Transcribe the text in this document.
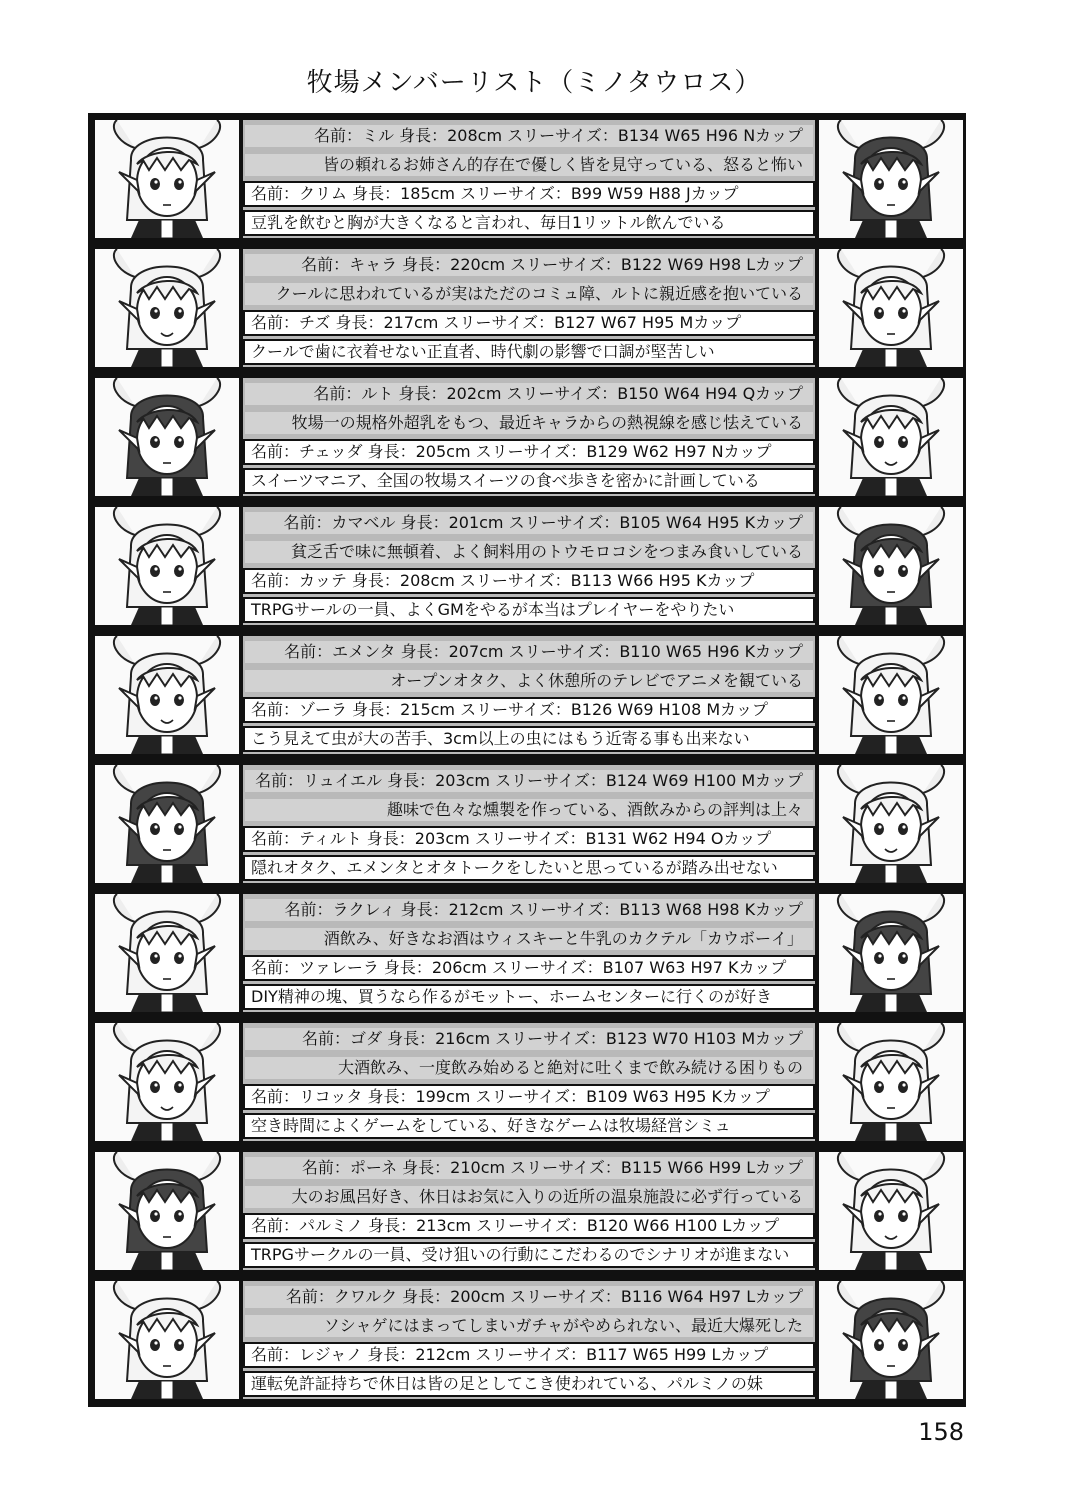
牧場メンバーリスト（ミノタウロス）
名前：ミル 身長：208cm スリーサイズ：B134 W65 H96 Nカップ
皆の頼れるお姉さん的存在で優しく皆を見守っている、怒ると怖い
名前：クリム 身長：185cm スリーサイズ：B99 W59 H88 Jカップ
豆乳を飲むと胸が大きくなると言われ、毎日1リットル飲んでいる
名前：キャラ 身長：220cm スリーサイズ：B122 W69 H98 Lカップ
クールに思われているが実はただのコミュ障、ルトに親近感を抱いている
名前：チズ 身長：217cm スリーサイズ：B127 W67 H95 Mカップ
クールで歯に衣着せない正直者、時代劇の影響で口調が堅苦しい
名前：ルト 身長：202cm スリーサイズ：B150 W64 H94 Qカップ
牧場一の規格外超乳をもつ、最近キャラからの熱視線を感じ怯えている
名前：チェッダ 身長：205cm スリーサイズ：B129 W62 H97 Nカップ
スイーツマニア、全国の牧場スイーツの食べ歩きを密かに計画している
名前：カマベル 身長：201cm スリーサイズ：B105 W64 H95 Kカップ
貧乏舌で味に無頓着、よく飼料用のトウモロコシをつまみ食いしている
名前：カッテ 身長：208cm スリーサイズ：B113 W66 H95 Kカップ
TRPGサールの一員、よくGMをやるが本当はプレイヤーをやりたい
名前：エメンタ 身長：207cm スリーサイズ：B110 W65 H96 Kカップ
オープンオタク、よく休憩所のテレビでアニメを観ている
名前：ゾーラ 身長：215cm スリーサイズ：B126 W69 H108 Mカップ
こう見えて虫が大の苦手、3cm以上の虫にはもう近寄る事も出来ない
名前：リュイエル 身長：203cm スリーサイズ：B124 W69 H100 Mカップ
趣味で色々な燻製を作っている、酒飲みからの評判は上々
名前：ティルト 身長：203cm スリーサイズ：B131 W62 H94 Oカップ
隠れオタク、エメンタとオタトークをしたいと思っているが踏み出せない
名前：ラクレィ 身長：212cm スリーサイズ：B113 W68 H98 Kカップ
酒飲み、好きなお酒はウィスキーと牛乳のカクテル「カウボーイ」
名前：ツァレーラ 身長：206cm スリーサイズ：B107 W63 H97 Kカップ
DIY精神の塊、買うなら作るがモットー、ホームセンターに行くのが好き
名前：ゴダ 身長：216cm スリーサイズ：B123 W70 H103 Mカップ
大酒飲み、一度飲み始めると絶対に吐くまで飲み続ける困りもの
名前：リコッタ 身長：199cm スリーサイズ：B109 W63 H95 Kカップ
空き時間によくゲームをしている、好きなゲームは牧場経営シミュ
名前：ポーネ 身長：210cm スリーサイズ：B115 W66 H99 Lカップ
大のお風呂好き、休日はお気に入りの近所の温泉施設に必ず行っている
名前：パルミノ 身長：213cm スリーサイズ：B120 W66 H100 Lカップ
TRPGサークルの一員、受け狙いの行動にこだわるのでシナリオが進まない
名前：クワルク 身長：200cm スリーサイズ：B116 W64 H97 Lカップ
ソシャゲにはまってしまいガチャがやめられない、最近大爆死した
名前：レジャノ 身長：212cm スリーサイズ：B117 W65 H99 Lカップ
運転免許証持ちで休日は皆の足としてこき使われている、パルミノの妹
158
